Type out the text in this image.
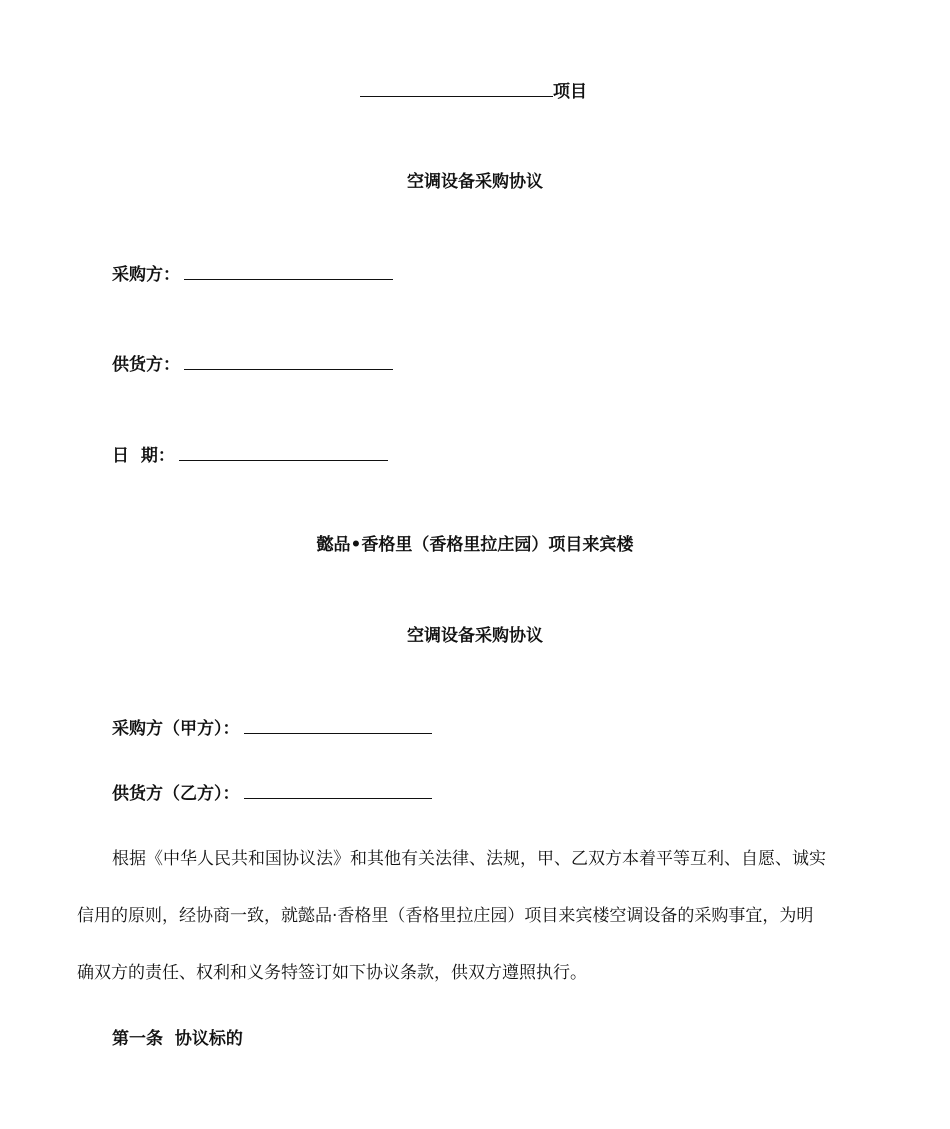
项目
空调设备采购协议
采购方：
供货方：
日  期：
懿品•香格里（香格里拉庄园）项目来宾楼
空调设备采购协议
采购方（甲方）：
供货方（乙方）：
根据《中华人民共和国协议法》和其他有关法律、法规，甲、乙双方本着平等互利、自愿、诚实
信用的原则，经协商一致，就懿品·香格里（香格里拉庄园）项目来宾楼空调设备的采购事宜，为明
确双方的责任、权利和义务特签订如下协议条款，供双方遵照执行。
第一条  协议标的
